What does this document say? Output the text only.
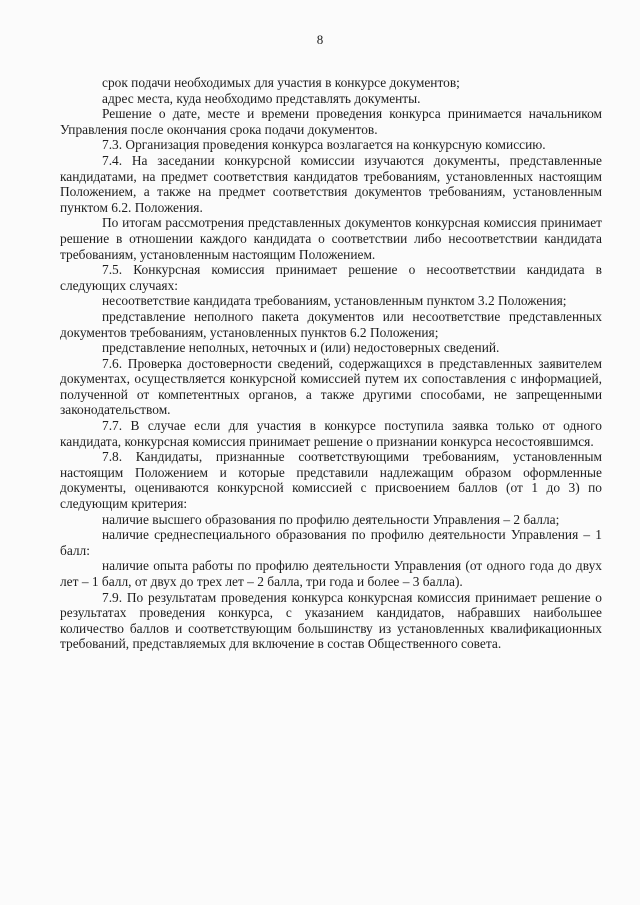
8

срок подачи необходимых для участия в конкурсе документов;

адрес места, куда необходимо представлять документы.

Решение о дате, месте и времени проведения конкурса принимается начальником Управления после окончания срока подачи документов.

7.3. Организация проведения конкурса возлагается на конкурсную комиссию.

7.4. На заседании конкурсной комиссии изучаются документы, представленные кандидатами, на предмет соответствия кандидатов требованиям, установленных настоящим Положением, а также на предмет соответствия документов требованиям, установленным пунктом 6.2. Положения.

По итогам рассмотрения представленных документов конкурсная комиссия принимает решение в отношении каждого кандидата о соответствии либо несоответствии кандидата требованиям, установленным настоящим Положением.

7.5. Конкурсная комиссия принимает решение о несоответствии кандидата в следующих случаях:

несоответствие кандидата требованиям, установленным пунктом 3.2 Положения;

представление неполного пакета документов или несоответствие представленных документов требованиям, установленных пунктов 6.2 Положения;

представление неполных, неточных и (или) недостоверных сведений.

7.6. Проверка достоверности сведений, содержащихся в представленных заявителем документах, осуществляется конкурсной комиссией путем их сопоставления с информацией, полученной от компетентных органов, а также другими способами, не запрещенными законодательством.

7.7. В случае если для участия в конкурсе поступила заявка только от одного кандидата, конкурсная комиссия принимает решение о признании конкурса несостоявшимся.

7.8. Кандидаты, признанные соответствующими требованиям, установленным настоящим Положением и которые представили надлежащим образом оформленные документы, оцениваются конкурсной комиссией с присвоением баллов (от 1 до 3) по следующим критерия:

наличие высшего образования по профилю деятельности Управления – 2 балла;

наличие среднеспециального образования по профилю деятельности Управления – 1 балл:

наличие опыта работы по профилю деятельности Управления (от одного года до двух лет – 1 балл, от двух до трех лет – 2 балла, три года и более – 3 балла).

7.9. По результатам проведения конкурса конкурсная комиссия принимает решение о результатах проведения конкурса, с указанием кандидатов, набравших наибольшее количество баллов и соответствующим большинству из установленных квалификационных требований, представляемых для включение в состав Общественного совета.
